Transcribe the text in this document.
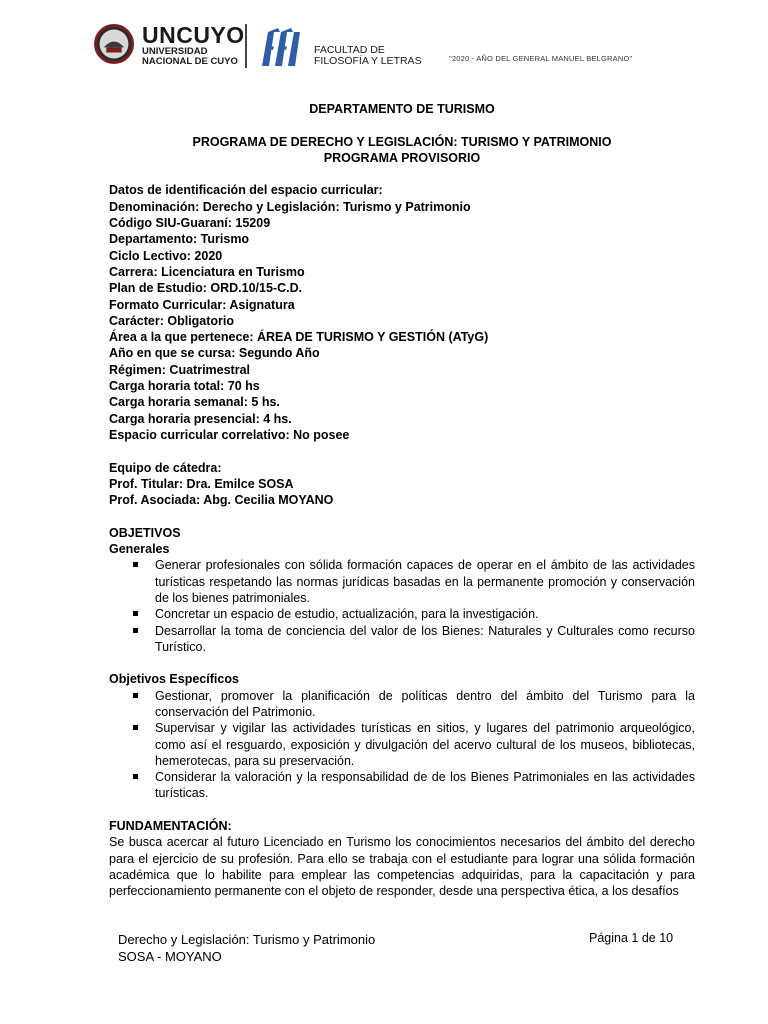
UNCUYO
UNIVERSIDAD
NACIONAL DE CUYO
FACULTAD DE
FILOSOFÍA Y LETRAS	"2020 - AÑO DEL GENERAL MANUEL BELGRANO"
DEPARTAMENTO DE TURISMO
PROGRAMA DE DERECHO Y LEGISLACIÓN: TURISMO Y PATRIMONIO
PROGRAMA PROVISORIO
Datos de identificación del espacio curricular:
Denominación: Derecho y Legislación: Turismo y Patrimonio
Código SIU-Guaraní: 15209
Departamento: Turismo
Ciclo Lectivo: 2020
Carrera: Licenciatura en Turismo
Plan de Estudio: ORD.10/15-C.D.
Formato Curricular: Asignatura
Carácter: Obligatorio
Área a la que pertenece: ÁREA DE TURISMO Y GESTIÓN (ATyG)
Año en que se cursa: Segundo Año
Régimen: Cuatrimestral
Carga horaria total: 70 hs
Carga horaria semanal: 5 hs.
Carga horaria presencial: 4 hs.
Espacio curricular correlativo: No posee
Equipo de cátedra:
Prof. Titular: Dra. Emilce SOSA
Prof. Asociada: Abg. Cecilia MOYANO
OBJETIVOS
Generales
Generar profesionales con sólida formación capaces de operar en el ámbito de las actividades turísticas respetando las normas jurídicas basadas en la permanente promoción y conservación de los bienes patrimoniales.
Concretar un espacio de estudio, actualización, para la investigación.
Desarrollar la toma de conciencia del valor de los Bienes: Naturales y Culturales como recurso Turístico.
Objetivos Específicos
Gestionar, promover la planificación de políticas dentro del ámbito del Turismo para la conservación del Patrimonio.
Supervisar y vigilar las actividades turísticas en sitios, y lugares del patrimonio arqueológico, como así el resguardo, exposición y divulgación del acervo cultural de los museos, bibliotecas, hemerotecas, para su preservación.
Considerar la valoración y la responsabilidad de de los Bienes Patrimoniales en las actividades turísticas.
FUNDAMENTACIÓN:
Se busca acercar al futuro Licenciado en Turismo los conocimientos necesarios del ámbito del derecho para el ejercicio de su profesión. Para ello se trabaja con el estudiante para lograr una sólida formación académica que lo habilite para emplear las competencias adquiridas, para la capacitación y para perfeccionamiento permanente con el objeto de responder, desde una perspectiva ética, a los desafíos
Derecho y Legislación: Turismo y Patrimonio
SOSA - MOYANO
Página 1 de 10
